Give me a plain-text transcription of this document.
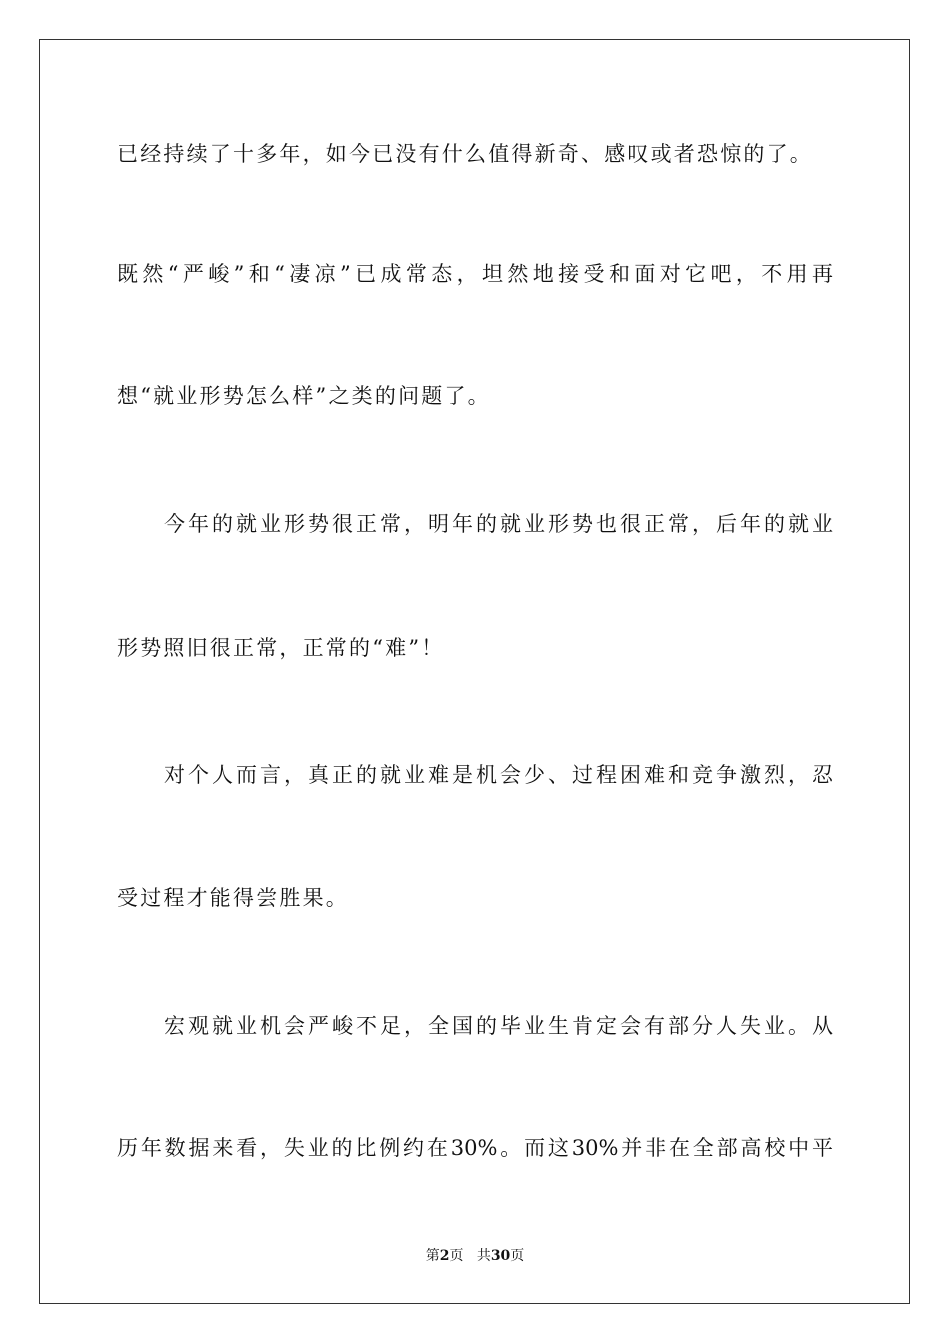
已经持续了十多年，如今已没有什么值得新奇、感叹或者恐惊的了。
既然“严峻”和“凄凉”已成常态，坦然地接受和面对它吧，不用再
想“就业形势怎么样”之类的问题了。
今年的就业形势很正常，明年的就业形势也很正常，后年的就业
形势照旧很正常，正常的“难”！
对个人而言，真正的就业难是机会少、过程困难和竞争激烈，忍
受过程才能得尝胜果。
宏观就业机会严峻不足，全国的毕业生肯定会有部分人失业。从
历年数据来看，失业的比例约在30%。而这30%并非在全部高校中平
第2页 共30页
